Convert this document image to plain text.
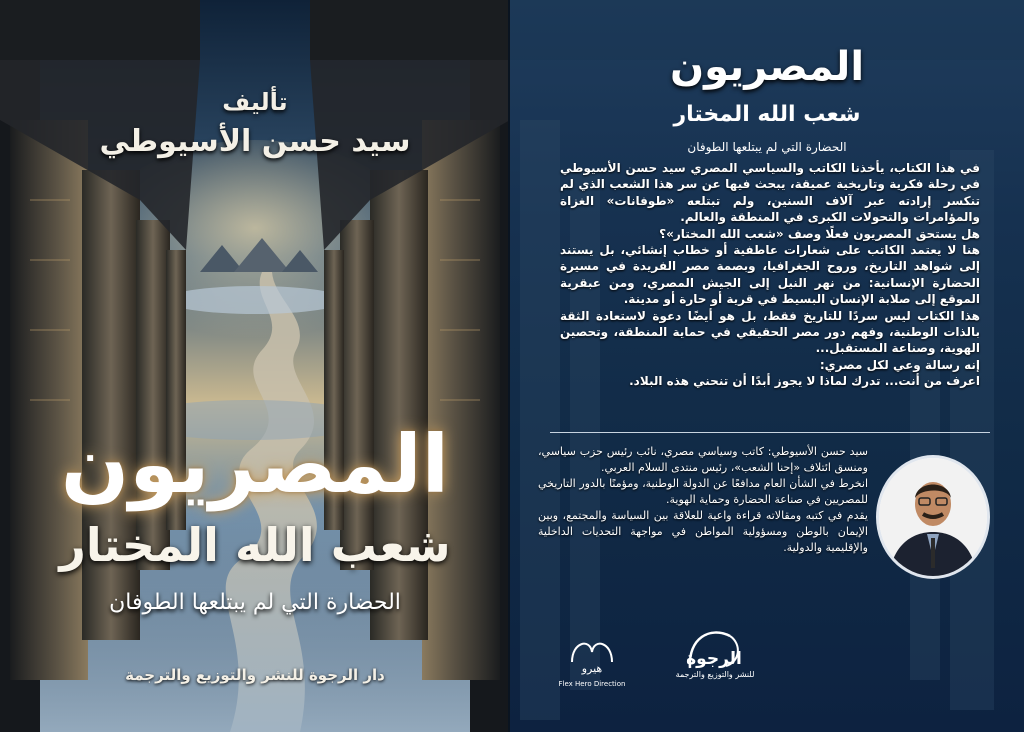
تأليف
سيد حسن الأسيوطي
المصريون
شعب الله المختار
الحضارة التي لم يبتلعها الطوفان
دار الرجوة للنشر والتوزيع والترجمة
المصريون
شعب الله المختار
الحضارة التي لم يبتلعها الطوفان

في هذا الكتاب، يأخذنا الكاتب والسياسي المصري سيد حسن الأسيوطي في رحلة فكرية وتاريخية عميقة، يبحث فيها عن سر هذا الشعب الذي لم تنكسر إرادته عبر آلاف السنين، ولم تبتلعه «طوفانات» الغزاة والمؤامرات والتحولات الكبرى في المنطقة والعالم.

هل يستحق المصريون فعلًا وصف «شعب الله المختار»؟

هنا لا يعتمد الكاتب على شعارات عاطفية أو خطاب إنشائي، بل يستند إلى شواهد التاريخ، وروح الجغرافيا، وبصمة مصر الفريدة في مسيرة الحضارة الإنسانية: من نهر النيل إلى الجيش المصري، ومن عبقرية الموقع إلى صلابة الإنسان البسيط في قرية أو حارة أو مدينة.

هذا الكتاب ليس سردًا للتاريخ فقط، بل هو أيضًا دعوة لاستعادة الثقة بالذات الوطنية، وفهم دور مصر الحقيقي في حماية المنطقة، وتحصين الهوية، وصناعة المستقبل...

إنه رسالة وعي لكل مصري:

اعرف من أنت... تدرك لماذا لا يجوز أبدًا أن تنحني هذه البلاد.

سيد حسن الأسيوطي: كاتب وسياسي مصري، نائب رئيس حزب سياسي، ومنسق ائتلاف «إحنا الشعب»، رئيس منتدى السلام العربي.

انخرط في الشأن العام مدافعًا عن الدولة الوطنية، ومؤمنًا بالدور التاريخي للمصريين في صناعة الحضارة وحماية الهوية.

يقدم في كتبه ومقالاته قراءة واعية للعلاقة بين السياسة والمجتمع، وبين الإيمان بالوطن ومسؤولية المواطن في مواجهة التحديات الداخلية والإقليمية والدولية.

هيرو
Flex Hero Direction
الرجوة
للنشر والتوزيع والترجمة
